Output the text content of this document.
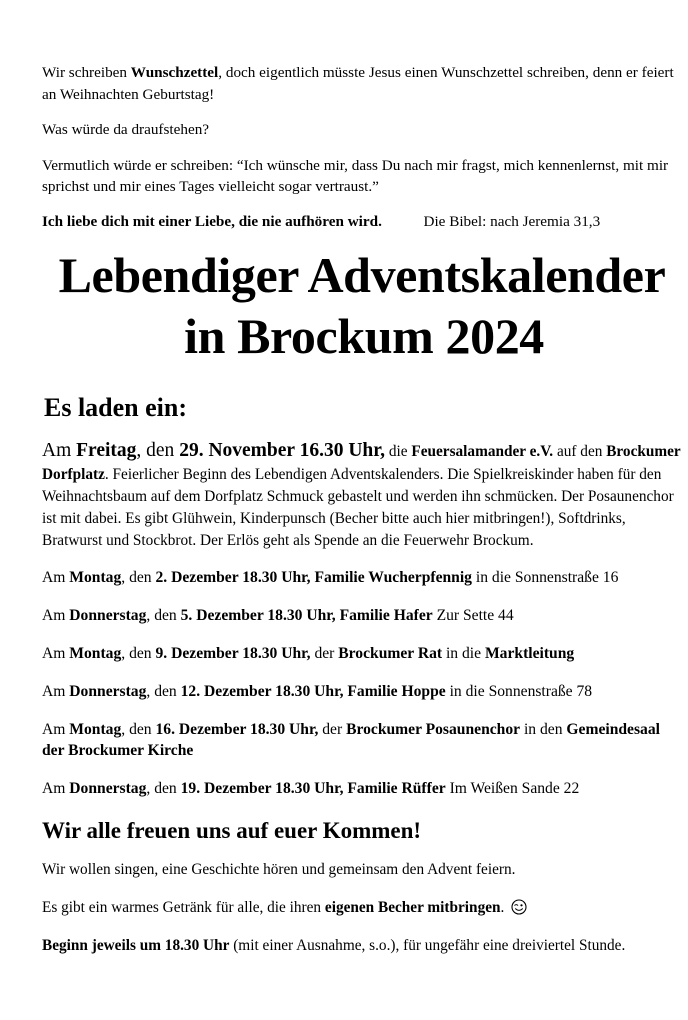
Wir schreiben Wunschzettel, doch eigentlich müsste Jesus einen Wunschzettel schreiben, denn er feiert an Weihnachten Geburtstag!

Was würde da draufstehen?

Vermutlich würde er schreiben: “Ich wünsche mir, dass Du nach mir fragst, mich kennenlernst, mit mir sprichst und mir eines Tages vielleicht sogar vertraust.”

Ich liebe dich mit einer Liebe, die nie aufhören wird.	Die Bibel: nach Jeremia 31,3

Lebendiger Adventskalender
in Brockum 2024
Es laden ein:

Am Freitag, den 29. November 16.30 Uhr, die Feuersalamander e.V. auf den Brockumer Dorfplatz. Feierlicher Beginn des Lebendigen Adventskalenders. Die Spielkreiskinder haben für den Weihnachtsbaum auf dem Dorfplatz Schmuck gebastelt und werden ihn schmücken. Der Posaunenchor ist mit dabei. Es gibt Glühwein, Kinderpunsch (Becher bitte auch hier mitbringen!), Softdrinks, Bratwurst und Stockbrot. Der Erlös geht als Spende an die Feuerwehr Brockum.

Am Montag, den 2. Dezember 18.30 Uhr, Familie Wucherpfennig in die Sonnenstraße 16
Am Donnerstag, den 5. Dezember 18.30 Uhr, Familie Hafer Zur Sette 44
Am Montag, den 9. Dezember 18.30 Uhr, der Brockumer Rat in die Marktleitung
Am Donnerstag, den 12. Dezember 18.30 Uhr, Familie Hoppe in die Sonnenstraße 78
Am Montag, den 16. Dezember 18.30 Uhr, der Brockumer Posaunenchor in den Gemeindesaal der Brockumer Kirche
Am Donnerstag, den 19. Dezember 18.30 Uhr, Familie Rüffer Im Weißen Sande 22
Wir alle freuen uns auf euer Kommen!

Wir wollen singen, eine Geschichte hören und gemeinsam den Advent feiern.

Es gibt ein warmes Getränk für alle, die ihren eigenen Becher mitbringen.

Beginn jeweils um 18.30 Uhr (mit einer Ausnahme, s.o.), für ungefähr eine dreiviertel Stunde.
